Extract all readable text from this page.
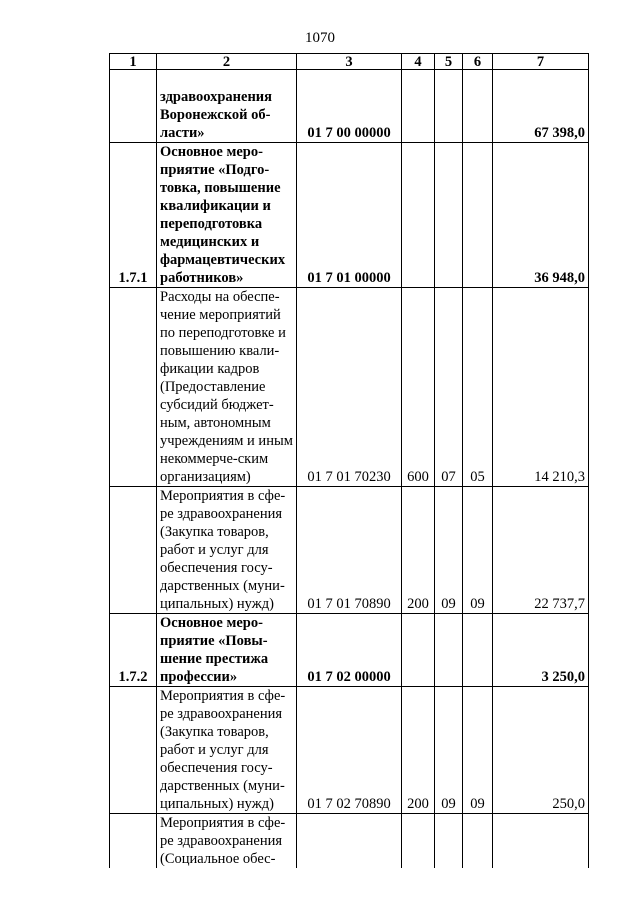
1070
1	2	3	4	5	6	7
	здравоохранения Воронежской об-ласти»	01 7 00 00000				67 398,0
1.7.1	Основное меро-приятие «Подго-товка, повышение квалификации и переподготовка медицинских и фармацевтических работников»	01 7 01 00000				36 948,0
	Расходы на обеспе-чение мероприятий по переподготовке и повышению квали-фикации кадров (Предоставление субсидий бюджет-ным, автономным учреждениям и иным некоммерче-ским организациям)	01 7 01 70230	600	07	05	14 210,3
	Мероприятия в сфе-ре здравоохранения (Закупка товаров, работ и услуг для обеспечения госу-дарственных (муни-ципальных) нужд)	01 7 01 70890	200	09	09	22 737,7
1.7.2	Основное меро-приятие «Повы-шение престижа профессии»	01 7 02 00000				3 250,0
	Мероприятия в сфе-ре здравоохранения (Закупка товаров, работ и услуг для обеспечения госу-дарственных (муни-ципальных) нужд)	01 7 02 70890	200	09	09	250,0
	Мероприятия в сфе-ре здравоохранения (Социальное обес-					
